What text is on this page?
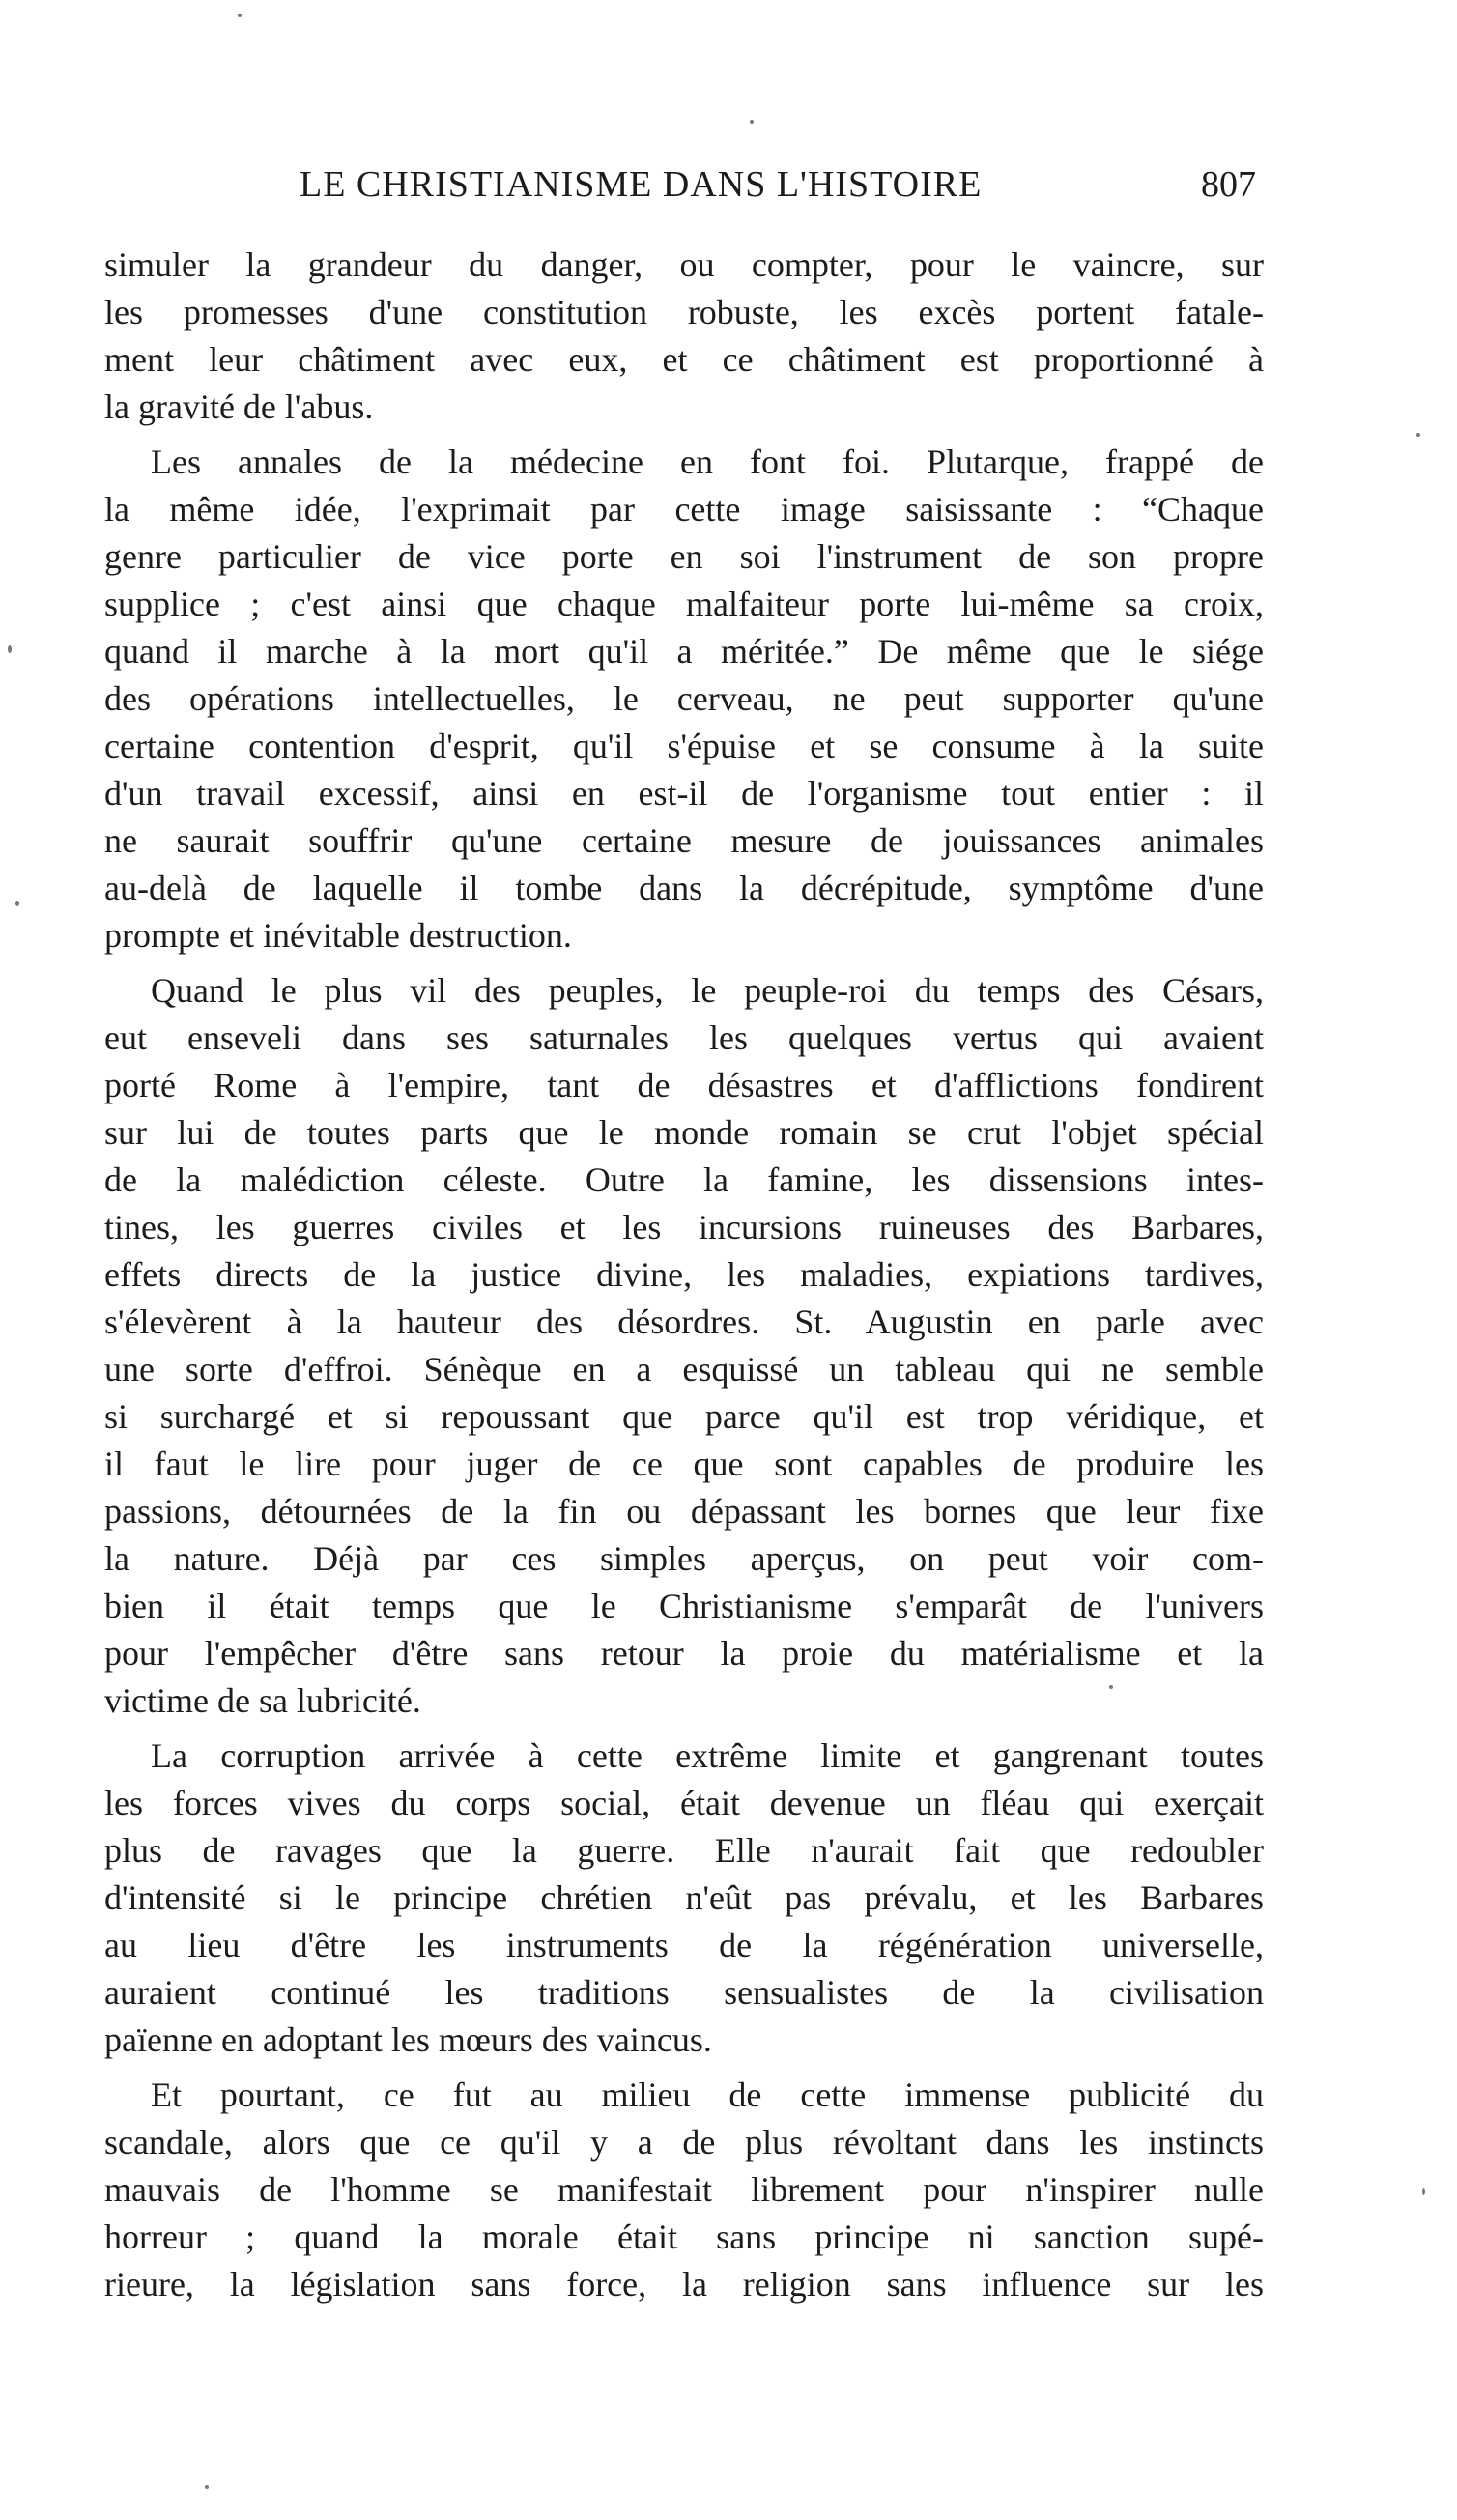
LE CHRISTIANISME DANS L'HISTOIRE	807
simuler la grandeur du danger, ou compter, pour le vaincre, sur
les promesses d'une constitution robuste, les excès portent fatale-
ment leur châtiment avec eux, et ce châtiment est proportionné à
la gravité de l'abus.
Les annales de la médecine en font foi. Plutarque, frappé de
la même idée, l'exprimait par cette image saisissante : “Chaque
genre particulier de vice porte en soi l'instrument de son propre
supplice ; c'est ainsi que chaque malfaiteur porte lui-même sa croix,
quand il marche à la mort qu'il a méritée.” De même que le siége
des opérations intellectuelles, le cerveau, ne peut supporter qu'une
certaine contention d'esprit, qu'il s'épuise et se consume à la suite
d'un travail excessif, ainsi en est-il de l'organisme tout entier : il
ne saurait souffrir qu'une certaine mesure de jouissances animales
au-delà de laquelle il tombe dans la décrépitude, symptôme d'une
prompte et inévitable destruction.
Quand le plus vil des peuples, le peuple-roi du temps des Césars,
eut enseveli dans ses saturnales les quelques vertus qui avaient
porté Rome à l'empire, tant de désastres et d'afflictions fondirent
sur lui de toutes parts que le monde romain se crut l'objet spécial
de la malédiction céleste. Outre la famine, les dissensions intes-
tines, les guerres civiles et les incursions ruineuses des Barbares,
effets directs de la justice divine, les maladies, expiations tardives,
s'élevèrent à la hauteur des désordres. St. Augustin en parle avec
une sorte d'effroi. Sénèque en a esquissé un tableau qui ne semble
si surchargé et si repoussant que parce qu'il est trop véridique, et
il faut le lire pour juger de ce que sont capables de produire les
passions, détournées de la fin ou dépassant les bornes que leur fixe
la nature. Déjà par ces simples aperçus, on peut voir com-
bien il était temps que le Christianisme s'emparât de l'univers
pour l'empêcher d'être sans retour la proie du matérialisme et la
victime de sa lubricité.
La corruption arrivée à cette extrême limite et gangrenant toutes
les forces vives du corps social, était devenue un fléau qui exerçait
plus de ravages que la guerre. Elle n'aurait fait que redoubler
d'intensité si le principe chrétien n'eût pas prévalu, et les Barbares
au lieu d'être les instruments de la régénération universelle,
auraient continué les traditions sensualistes de la civilisation
païenne en adoptant les mœurs des vaincus.
Et pourtant, ce fut au milieu de cette immense publicité du
scandale, alors que ce qu'il y a de plus révoltant dans les instincts
mauvais de l'homme se manifestait librement pour n'inspirer nulle
horreur ; quand la morale était sans principe ni sanction supé-
rieure, la législation sans force, la religion sans influence sur les
